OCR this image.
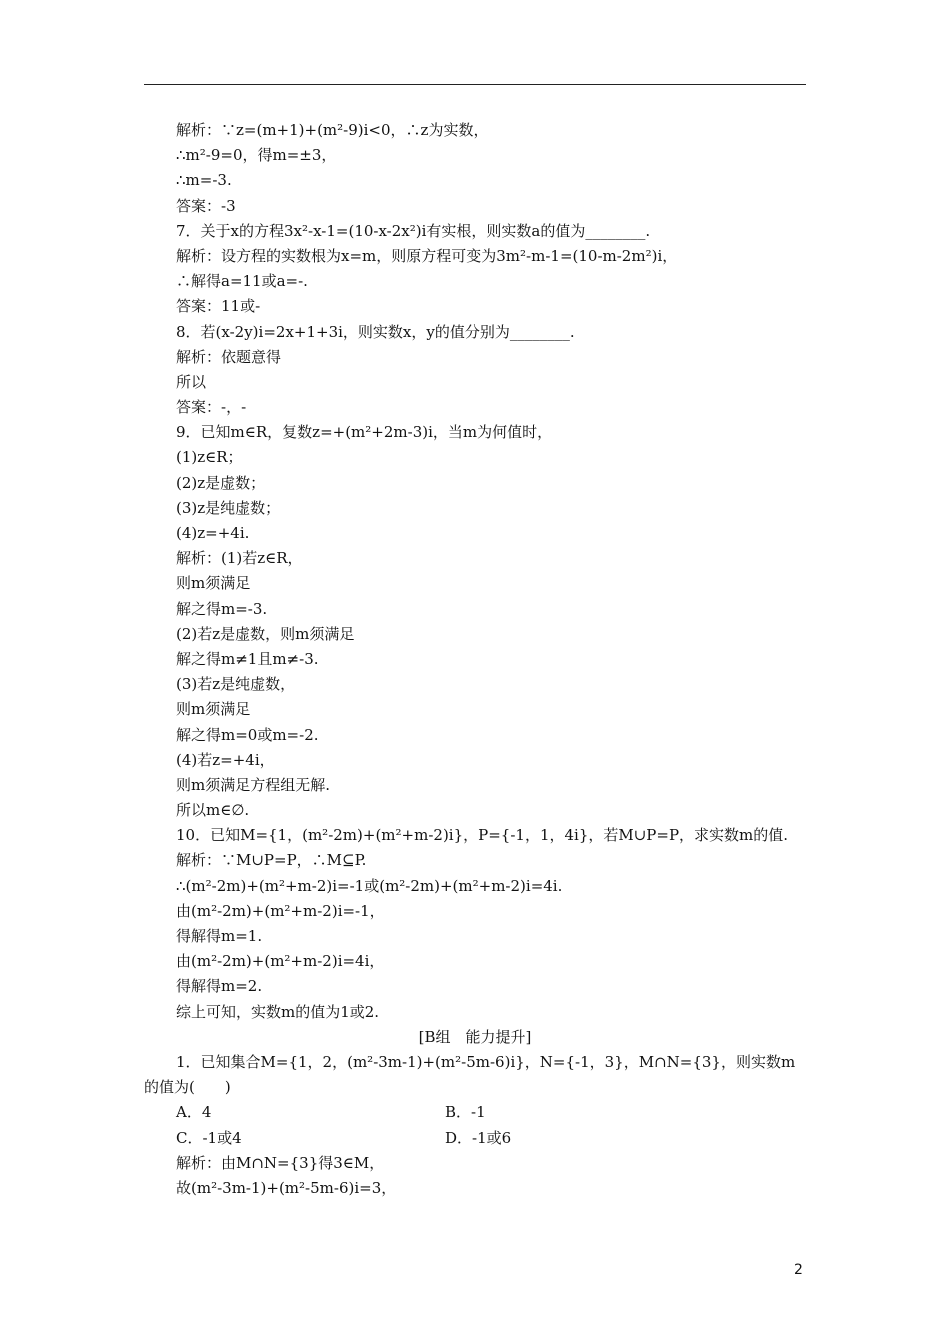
解析：∵z=(m+1)+(m²-9)i<0，∴z为实数，
∴m²-9=0，得m=±3，
∴m=-3.
答案：-3
7．关于x的方程3x²-x-1=(10-x-2x²)i有实根，则实数a的值为________.
解析：设方程的实数根为x=m，则原方程可变为3m²-m-1=(10-m-2m²)i，
∴解得a=11或a=-.
答案：11或-
8．若(x-2y)i=2x+1+3i，则实数x，y的值分别为________.
解析：依题意得
所以
答案：-，-
9．已知m∈R，复数z=+(m²+2m-3)i，当m为何值时，
(1)z∈R；
(2)z是虚数；
(3)z是纯虚数；
(4)z=+4i.
解析：(1)若z∈R，
则m须满足
解之得m=-3.
(2)若z是虚数，则m须满足
解之得m≠1且m≠-3.
(3)若z是纯虚数，
则m须满足
解之得m=0或m=-2.
(4)若z=+4i，
则m须满足方程组无解.
所以m∈∅.
10．已知M={1，(m²-2m)+(m²+m-2)i}，P={-1，1，4i}，若M∪P=P，求实数m的值.
解析：∵M∪P=P，∴M⊆P.
∴(m²-2m)+(m²+m-2)i=-1或(m²-2m)+(m²+m-2)i=4i.
由(m²-2m)+(m²+m-2)i=-1，
得解得m=1.
由(m²-2m)+(m²+m-2)i=4i，
得解得m=2.
综上可知，实数m的值为1或2.
[B组　能力提升]
1．已知集合M={1，2，(m²-3m-1)+(m²-5m-6)i}，N={-1，3}，M∩N={3}，则实数m
的值为(　　)
A．4	B．-1
C．-1或4	D．-1或6
解析：由M∩N={3}得3∈M，
故(m²-3m-1)+(m²-5m-6)i=3，
2
